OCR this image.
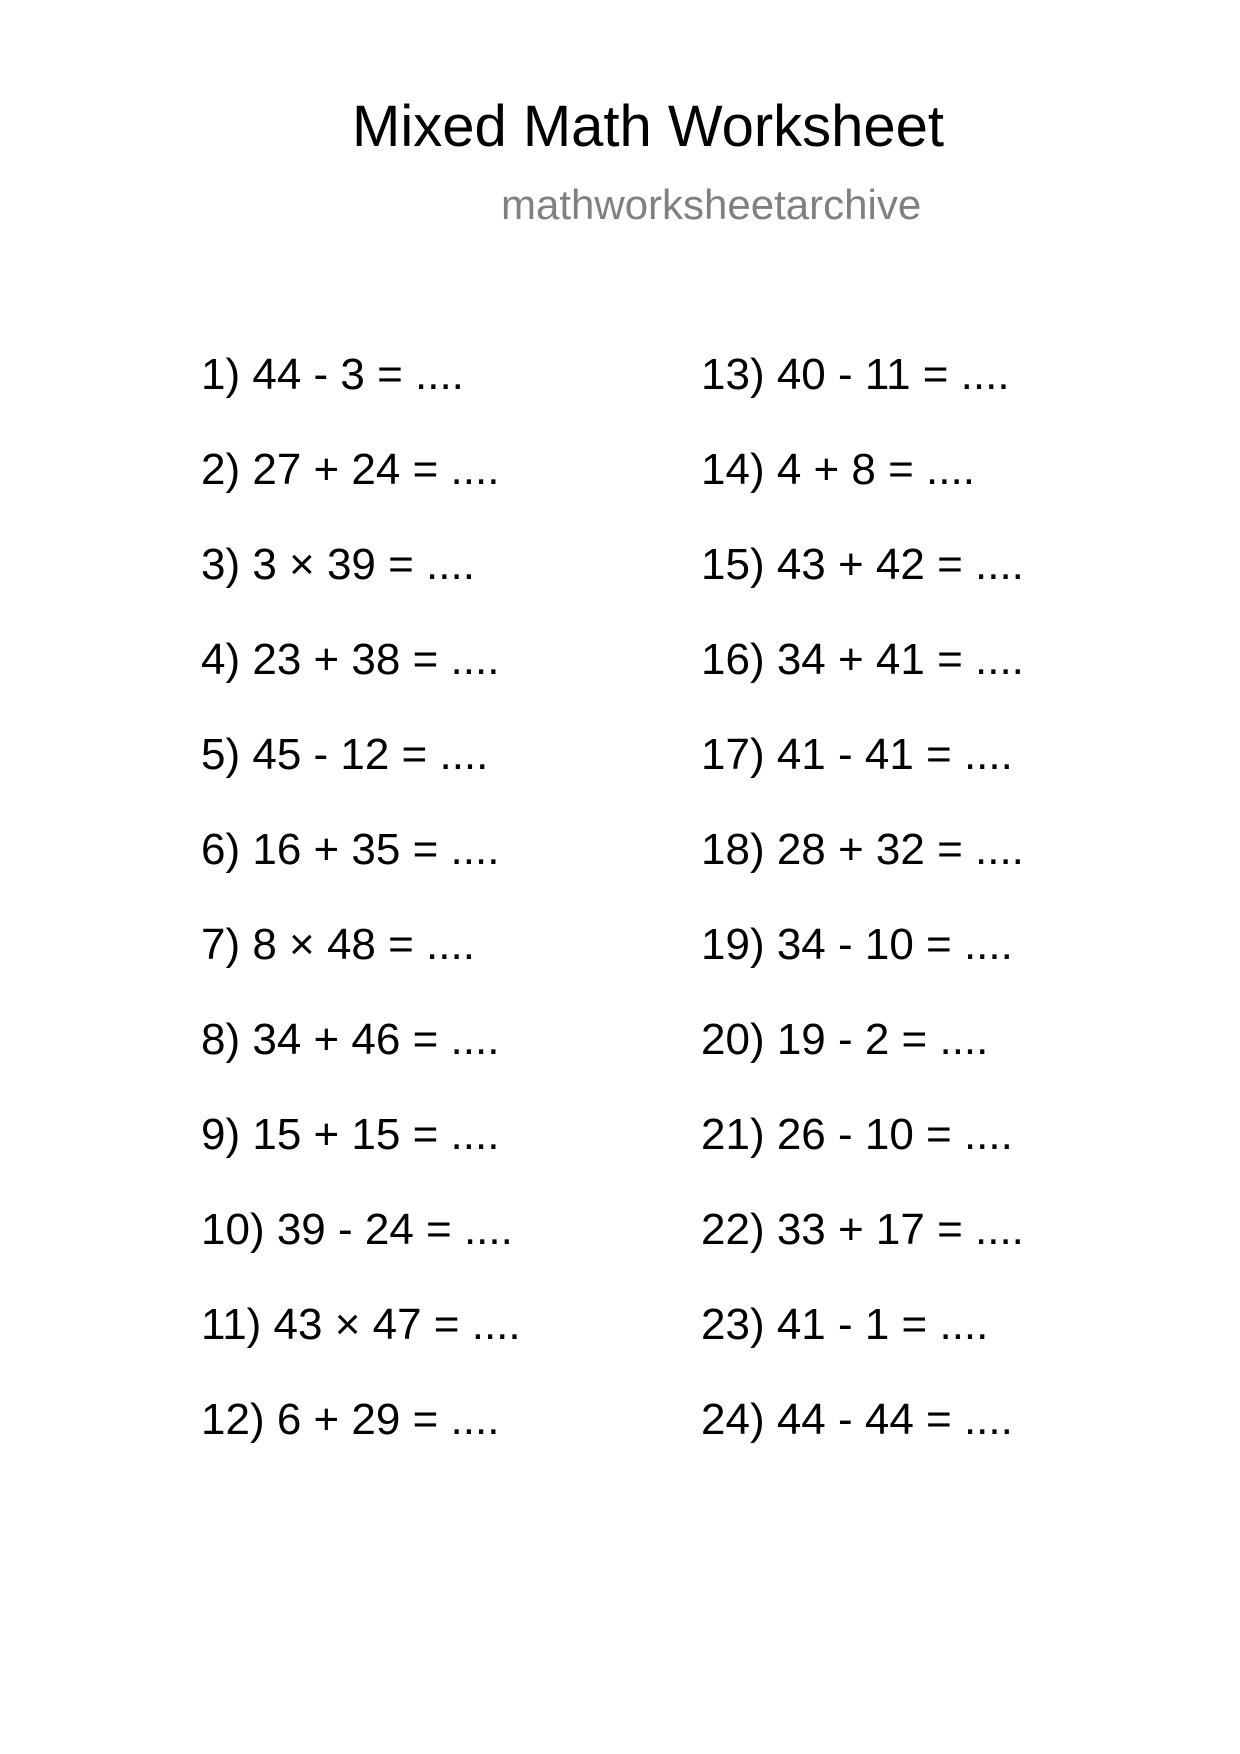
Mixed Math Worksheet
mathworksheetarchive
1) 44 - 3 = ....
2) 27 + 24 = ....
3) 3 × 39 = ....
4) 23 + 38 = ....
5) 45 - 12 = ....
6) 16 + 35 = ....
7) 8 × 48 = ....
8) 34 + 46 = ....
9) 15 + 15 = ....
10) 39 - 24 = ....
11) 43 × 47 = ....
12) 6 + 29 = ....
13) 40 - 11 = ....
14) 4 + 8 = ....
15) 43 + 42 = ....
16) 34 + 41 = ....
17) 41 - 41 = ....
18) 28 + 32 = ....
19) 34 - 10 = ....
20) 19 - 2 = ....
21) 26 - 10 = ....
22) 33 + 17 = ....
23) 41 - 1 = ....
24) 44 - 44 = ....
